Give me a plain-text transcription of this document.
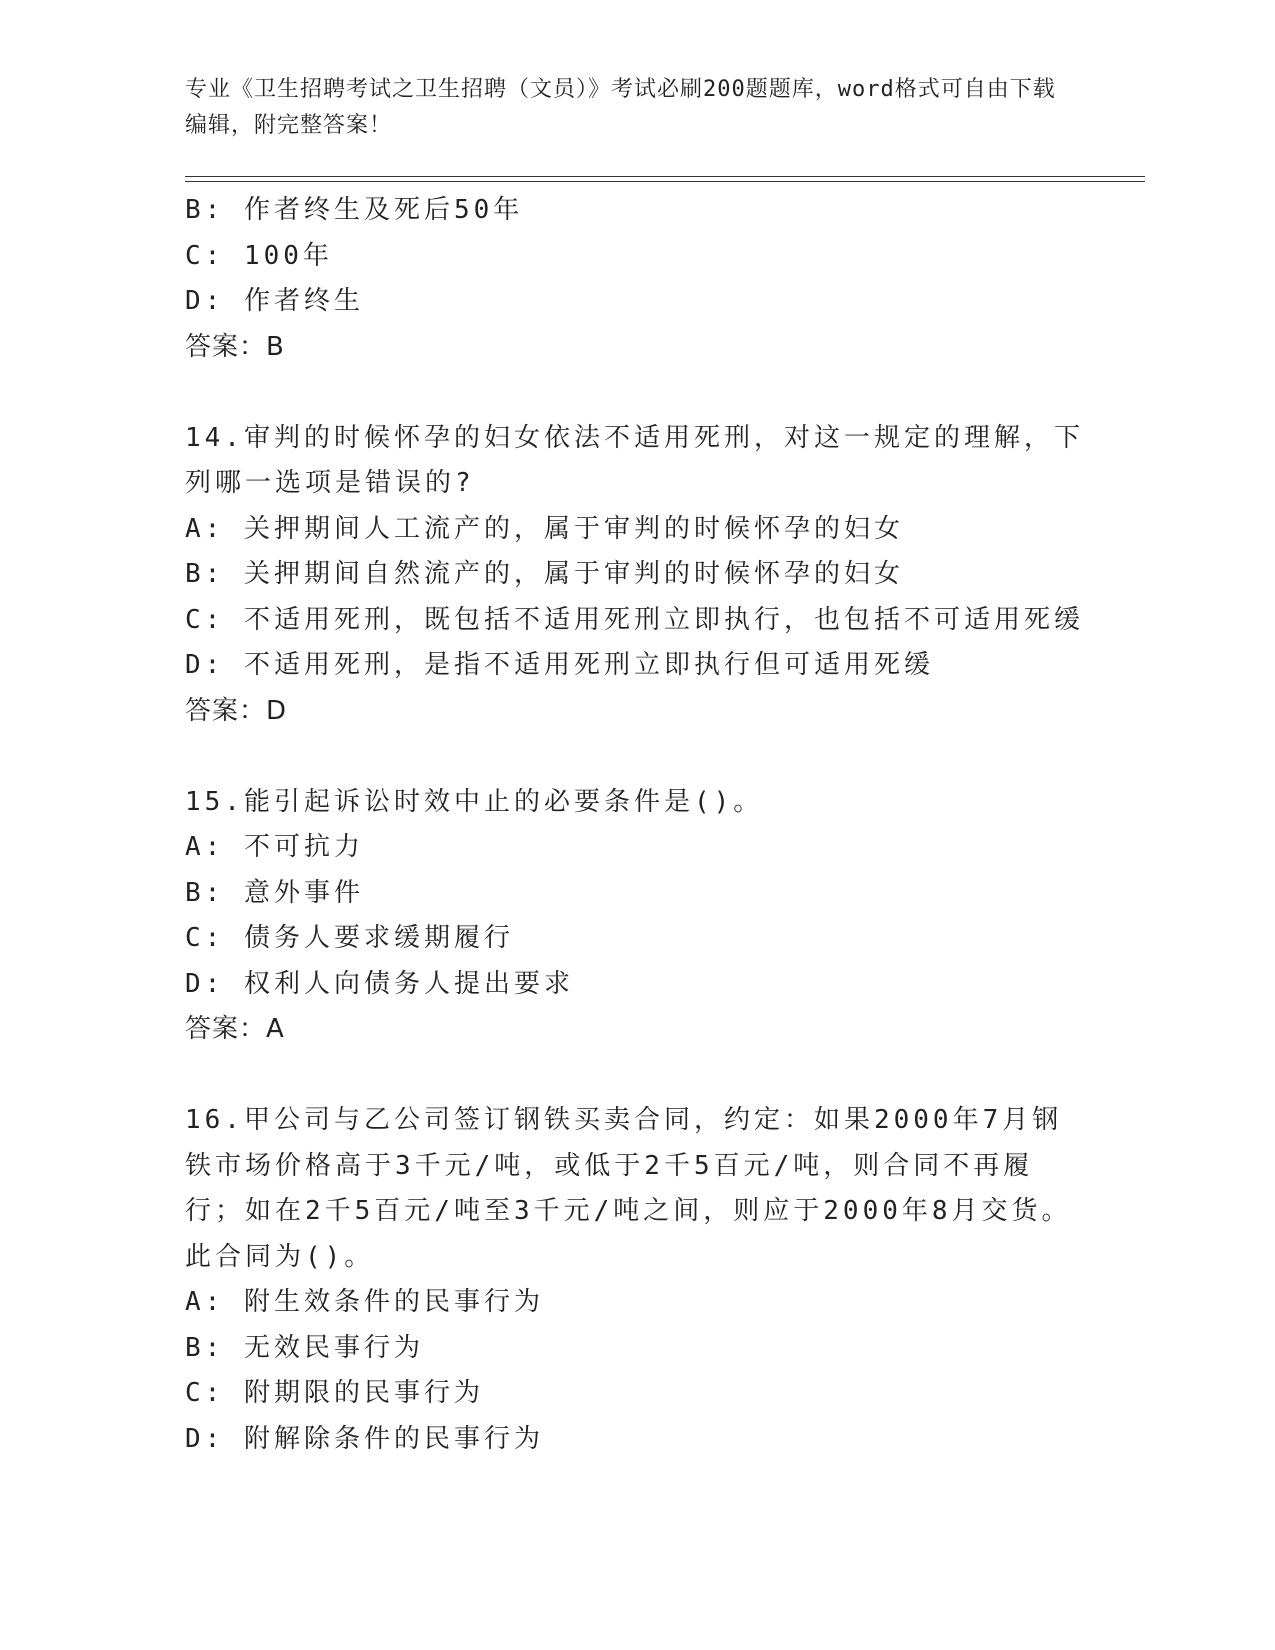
专业《卫生招聘考试之卫生招聘（文员）》考试必刷200题题库，word格式可自由下载编辑，附完整答案！
B: 作者终生及死后50年
C: 100年
D: 作者终生
答案：B
14.审判的时候怀孕的妇女依法不适用死刑，对这一规定的理解，下列哪一选项是错误的?
A: 关押期间人工流产的，属于审判的时候怀孕的妇女
B: 关押期间自然流产的，属于审判的时候怀孕的妇女
C: 不适用死刑，既包括不适用死刑立即执行，也包括不可适用死缓
D: 不适用死刑，是指不适用死刑立即执行但可适用死缓
答案：D
15.能引起诉讼时效中止的必要条件是()。
A: 不可抗力
B: 意外事件
C: 债务人要求缓期履行
D: 权利人向债务人提出要求
答案：A
16.甲公司与乙公司签订钢铁买卖合同，约定：如果2000年7月钢铁市场价格高于3千元/吨，或低于2千5百元/吨，则合同不再履行；如在2千5百元/吨至3千元/吨之间，则应于2000年8月交货。此合同为()。
A: 附生效条件的民事行为
B: 无效民事行为
C: 附期限的民事行为
D: 附解除条件的民事行为
